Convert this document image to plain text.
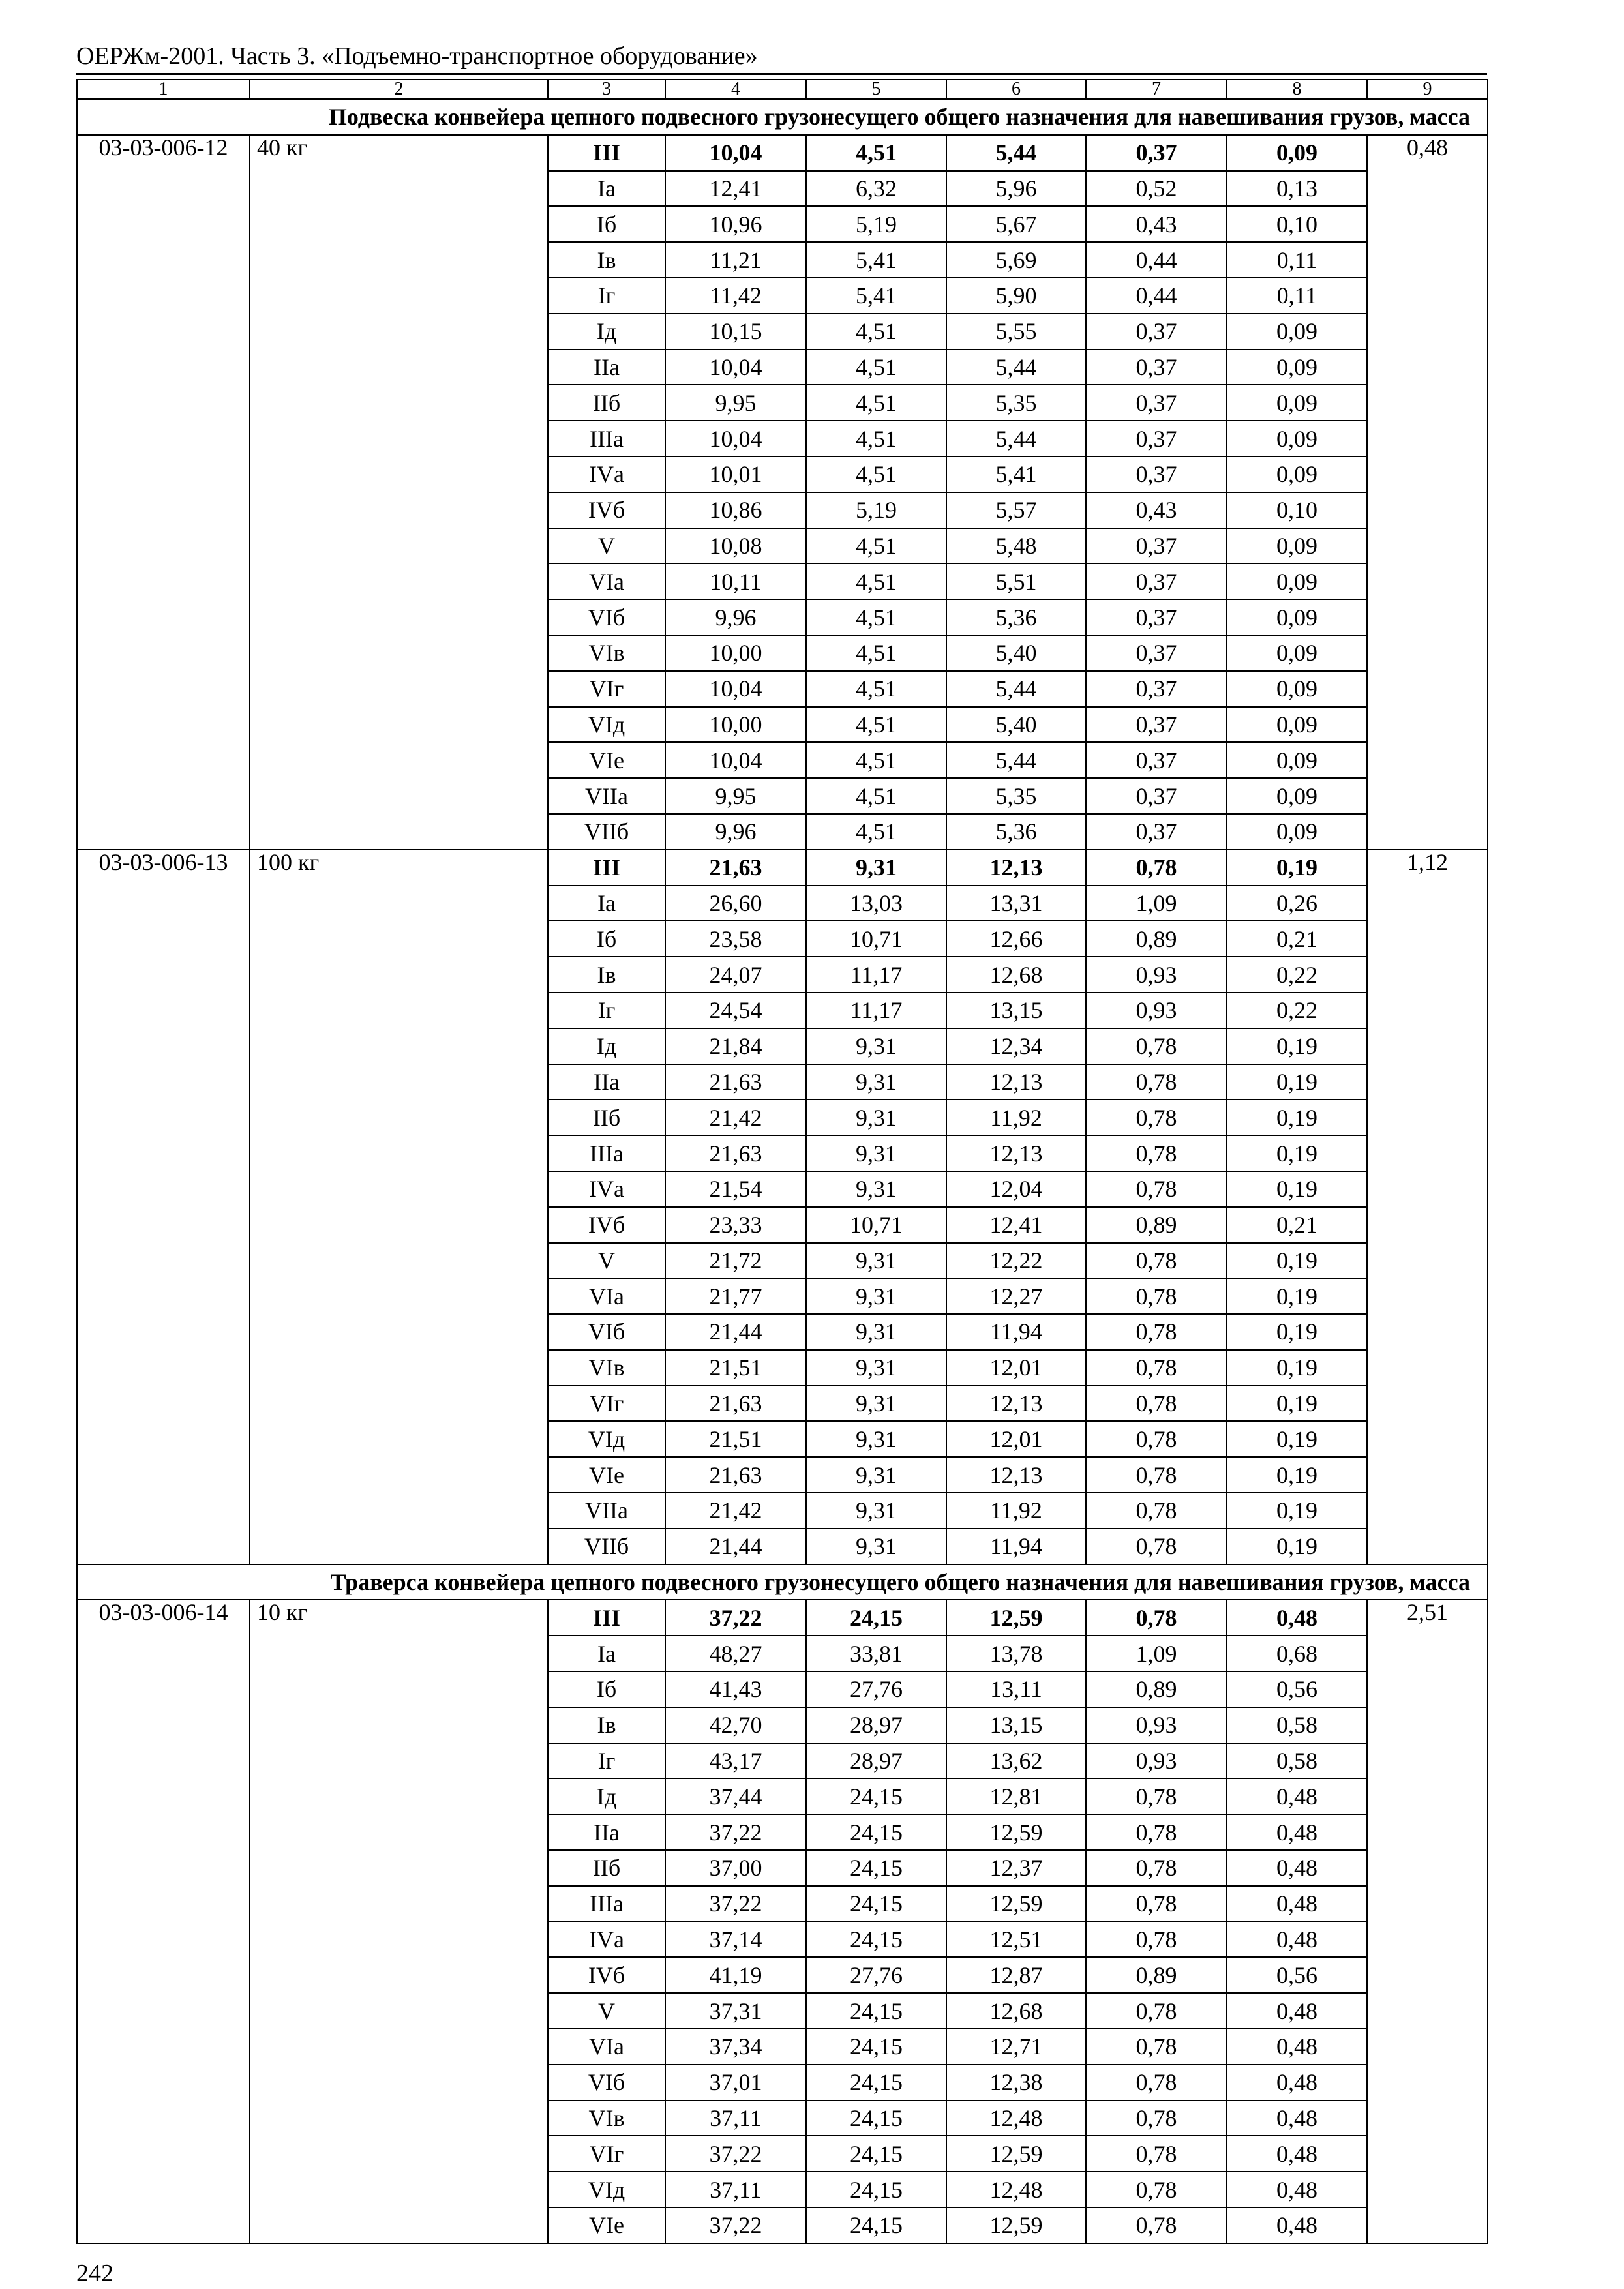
ОЕРЖм-2001. Часть 3. «Подъемно-транспортное оборудование»
1	2	3	4	5	6	7	8	9
Подвеска конвейера цепного подвесного грузонесущего общего назначения для навешивания грузов, масса								
03-03-006-12	40 кг	III	10,04	4,51	5,44	0,37	0,09	0,48
		Iа	12,41	6,32	5,96	0,52	0,13	
		Iб	10,96	5,19	5,67	0,43	0,10	
		Iв	11,21	5,41	5,69	0,44	0,11	
		Iг	11,42	5,41	5,90	0,44	0,11	
		Iд	10,15	4,51	5,55	0,37	0,09	
		IIа	10,04	4,51	5,44	0,37	0,09	
		IIб	9,95	4,51	5,35	0,37	0,09	
		IIIа	10,04	4,51	5,44	0,37	0,09	
		IVа	10,01	4,51	5,41	0,37	0,09	
		IVб	10,86	5,19	5,57	0,43	0,10	
		V	10,08	4,51	5,48	0,37	0,09	
		VIа	10,11	4,51	5,51	0,37	0,09	
		VIб	9,96	4,51	5,36	0,37	0,09	
		VIв	10,00	4,51	5,40	0,37	0,09	
		VIг	10,04	4,51	5,44	0,37	0,09	
		VIд	10,00	4,51	5,40	0,37	0,09	
		VIе	10,04	4,51	5,44	0,37	0,09	
		VIIа	9,95	4,51	5,35	0,37	0,09	
		VIIб	9,96	4,51	5,36	0,37	0,09	
03-03-006-13	100 кг	III	21,63	9,31	12,13	0,78	0,19	1,12
		Iа	26,60	13,03	13,31	1,09	0,26	
		Iб	23,58	10,71	12,66	0,89	0,21	
		Iв	24,07	11,17	12,68	0,93	0,22	
		Iг	24,54	11,17	13,15	0,93	0,22	
		Iд	21,84	9,31	12,34	0,78	0,19	
		IIа	21,63	9,31	12,13	0,78	0,19	
		IIб	21,42	9,31	11,92	0,78	0,19	
		IIIа	21,63	9,31	12,13	0,78	0,19	
		IVа	21,54	9,31	12,04	0,78	0,19	
		IVб	23,33	10,71	12,41	0,89	0,21	
		V	21,72	9,31	12,22	0,78	0,19	
		VIа	21,77	9,31	12,27	0,78	0,19	
		VIб	21,44	9,31	11,94	0,78	0,19	
		VIв	21,51	9,31	12,01	0,78	0,19	
		VIг	21,63	9,31	12,13	0,78	0,19	
		VIд	21,51	9,31	12,01	0,78	0,19	
		VIе	21,63	9,31	12,13	0,78	0,19	
		VIIа	21,42	9,31	11,92	0,78	0,19	
		VIIб	21,44	9,31	11,94	0,78	0,19	
Траверса конвейера цепного подвесного грузонесущего общего назначения для навешивания грузов, масса								
03-03-006-14	10 кг	III	37,22	24,15	12,59	0,78	0,48	2,51
		Iа	48,27	33,81	13,78	1,09	0,68	
		Iб	41,43	27,76	13,11	0,89	0,56	
		Iв	42,70	28,97	13,15	0,93	0,58	
		Iг	43,17	28,97	13,62	0,93	0,58	
		Iд	37,44	24,15	12,81	0,78	0,48	
		IIа	37,22	24,15	12,59	0,78	0,48	
		IIб	37,00	24,15	12,37	0,78	0,48	
		IIIа	37,22	24,15	12,59	0,78	0,48	
		IVа	37,14	24,15	12,51	0,78	0,48	
		IVб	41,19	27,76	12,87	0,89	0,56	
		V	37,31	24,15	12,68	0,78	0,48	
		VIа	37,34	24,15	12,71	0,78	0,48	
		VIб	37,01	24,15	12,38	0,78	0,48	
		VIв	37,11	24,15	12,48	0,78	0,48	
		VIг	37,22	24,15	12,59	0,78	0,48	
		VIд	37,11	24,15	12,48	0,78	0,48	
		VIе	37,22	24,15	12,59	0,78	0,48	
242
